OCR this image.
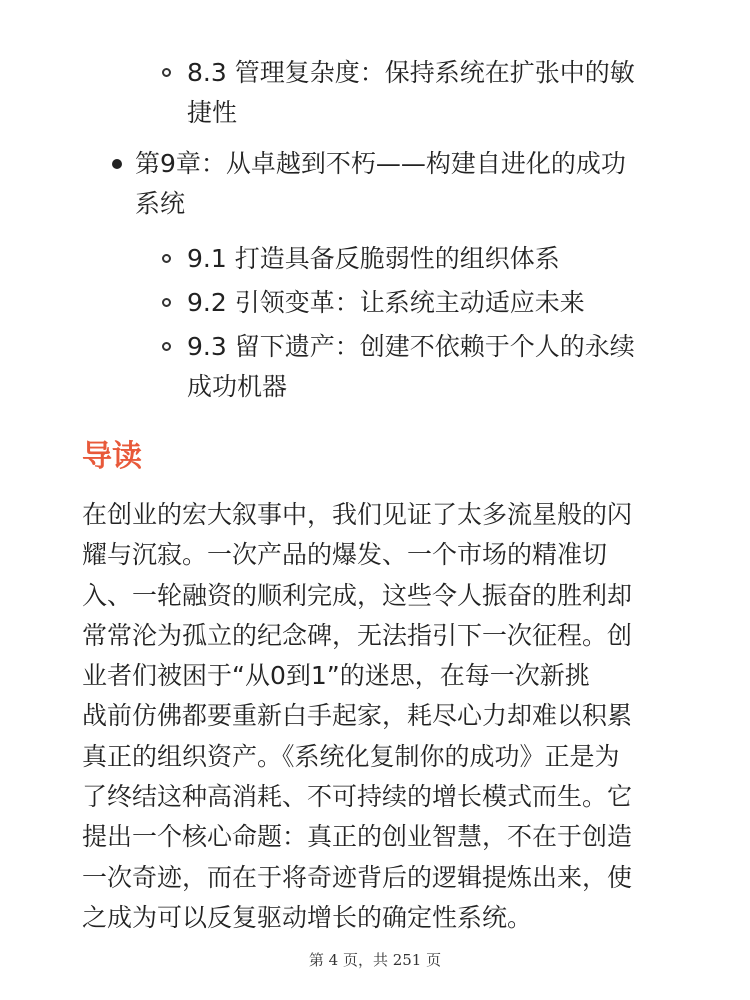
8.3 管理复杂度：保持系统在扩张中的敏
捷性
第9章：从卓越到不朽——构建自进化的成功
系统
9.1 打造具备反脆弱性的组织体系
9.2 引领变革：让系统主动适应未来
9.3 留下遗产：创建不依赖于个人的永续
成功机器
导读

在创业的宏大叙事中，我们见证了太多流星般的闪
耀与沉寂。一次产品的爆发、一个市场的精准切
入、一轮融资的顺利完成，这些令人振奋的胜利却
常常沦为孤立的纪念碑，无法指引下一次征程。创
业者们被困于“从0到1”的迷思，在每一次新挑
战前仿佛都要重新白手起家，耗尽心力却难以积累
真正的组织资产。《系统化复制你的成功》正是为
了终结这种高消耗、不可持续的增长模式而生。它
提出一个核心命题：真正的创业智慧，不在于创造
一次奇迹，而在于将奇迹背后的逻辑提炼出来，使
之成为可以反复驱动增长的确定性系统。

第 4 页，共 251 页
